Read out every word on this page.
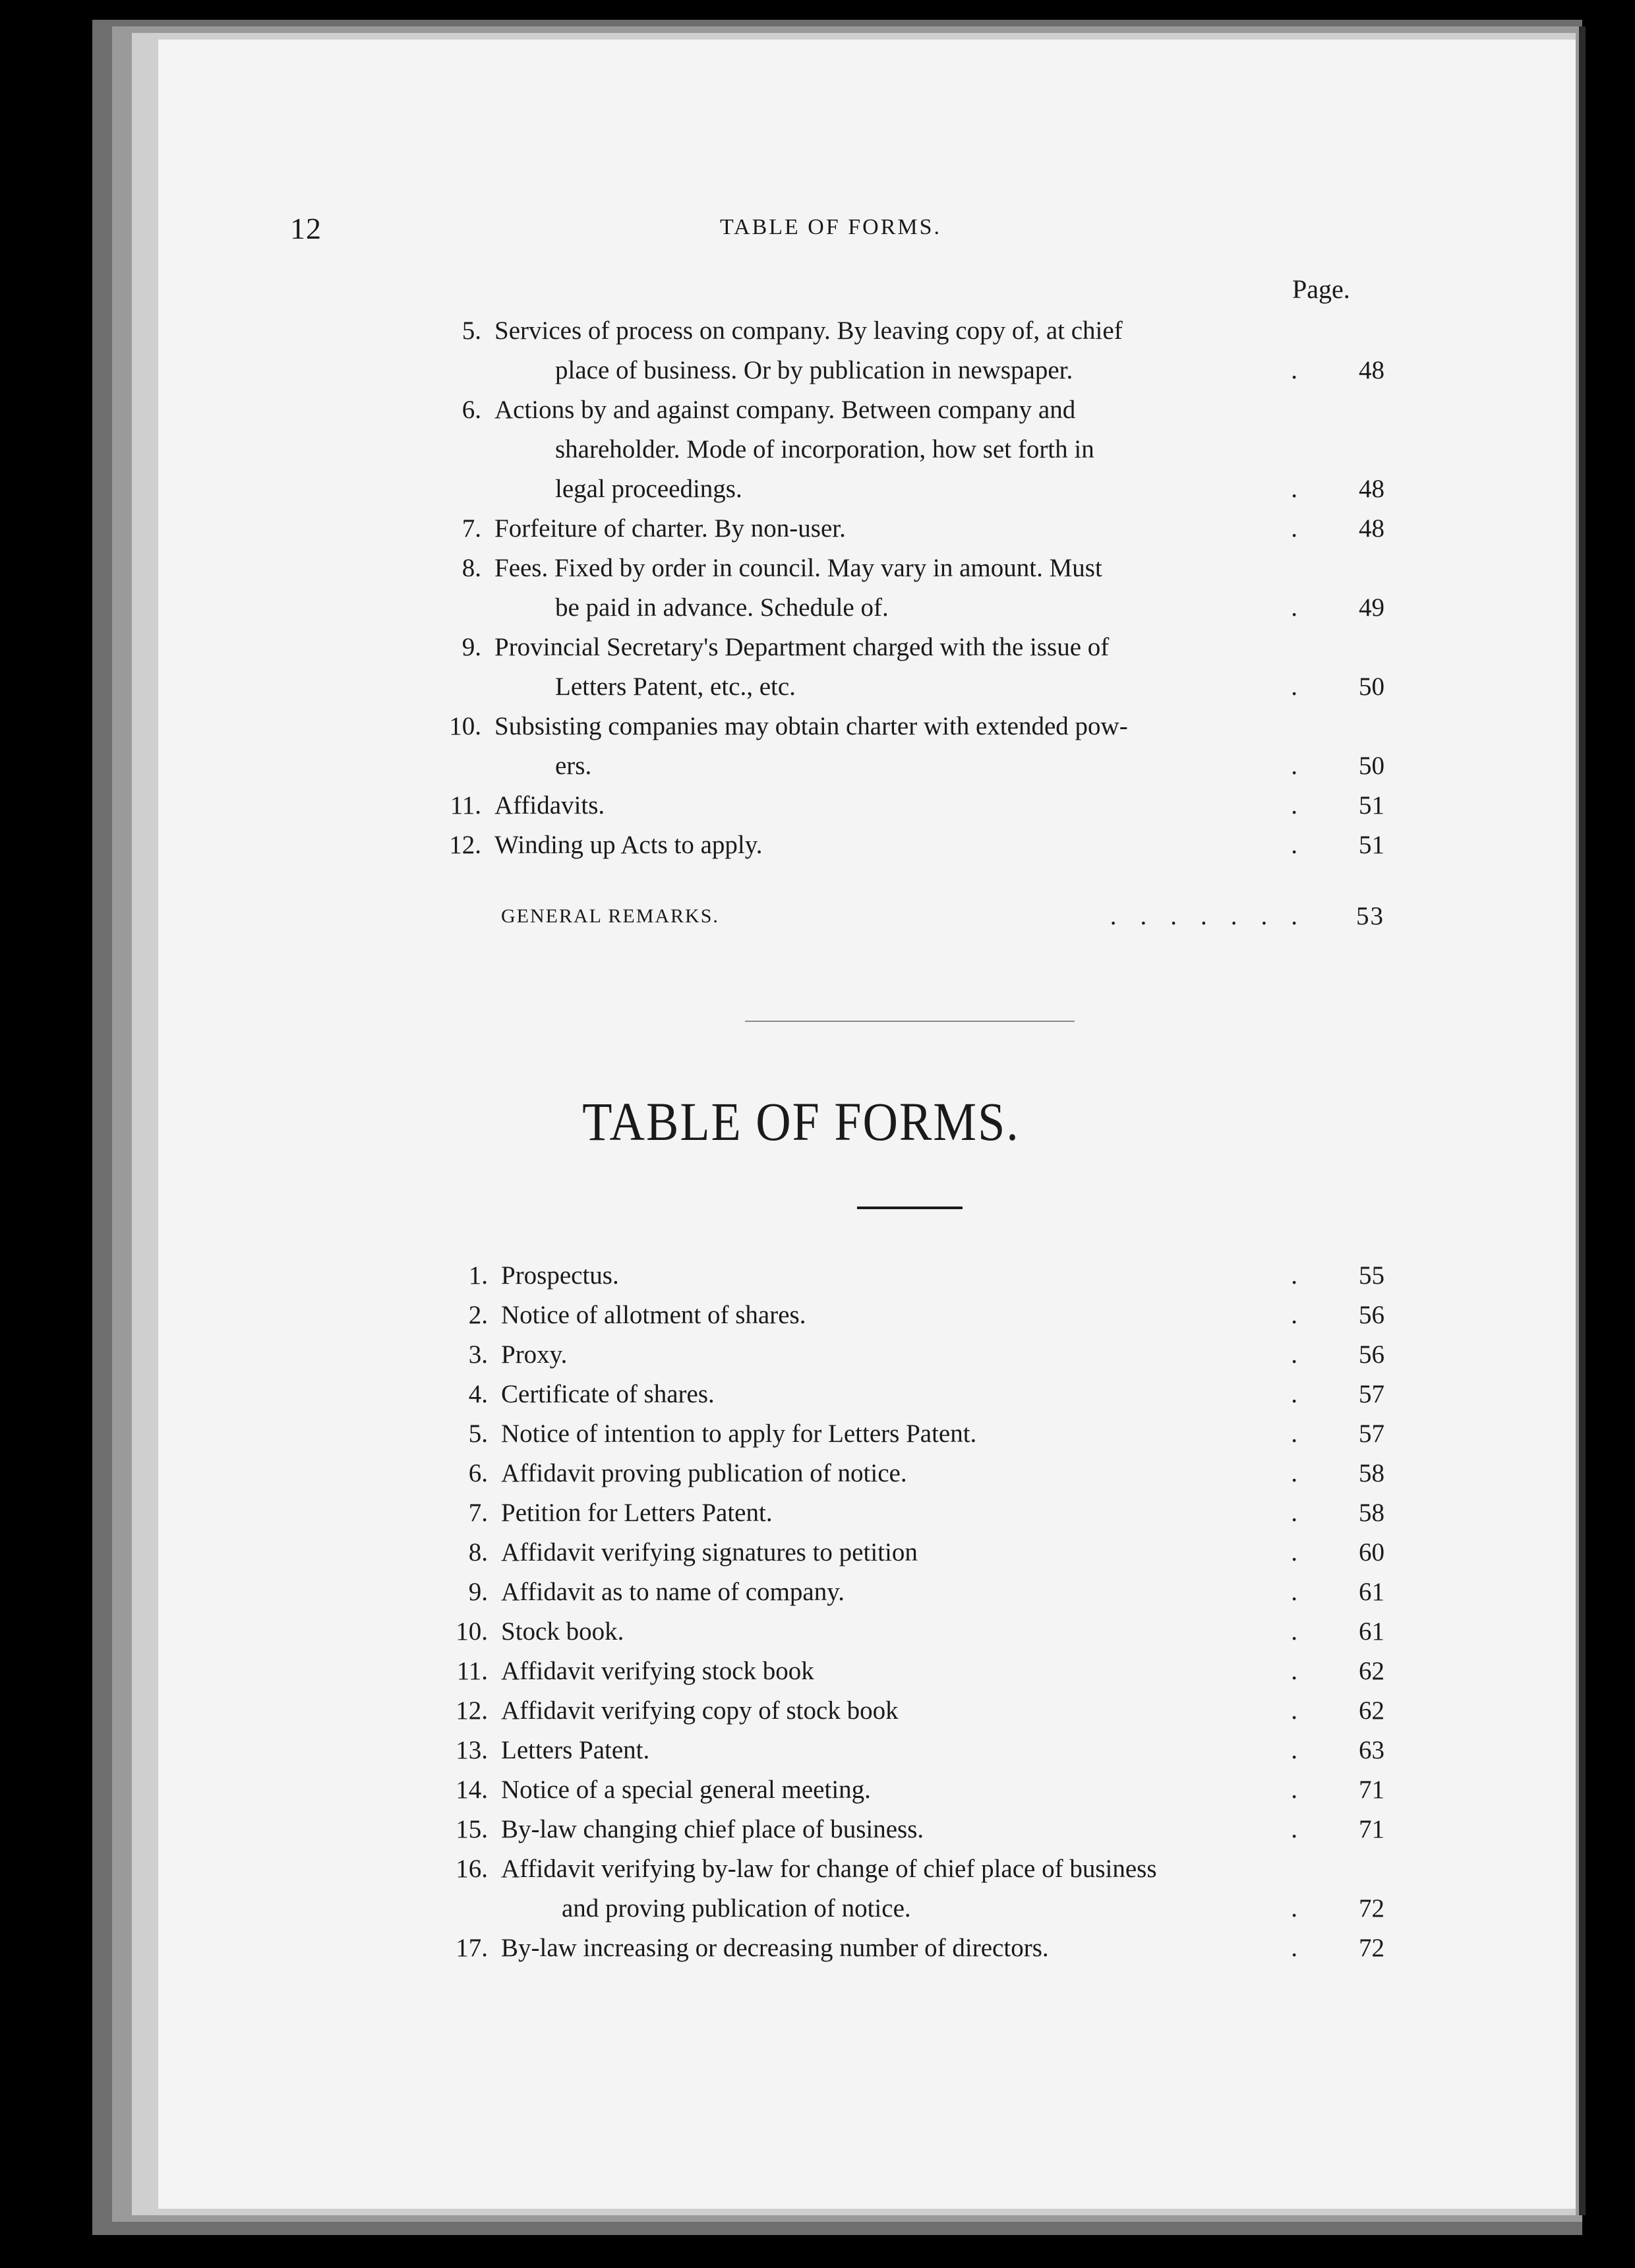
12	TABLE OF FORMS.
Page.
5. Services of process on company. By leaving copy of, at chief
place of business. Or by publication in newspaper.	48
.
6. Actions by and against company. Between company and
shareholder. Mode of incorporation, how set forth in
legal proceedings.	48
.
7. Forfeiture of charter. By non-user.	48
.
8. Fees. Fixed by order in council. May vary in amount. Must
be paid in advance. Schedule of.	49
.
9. Provincial Secretary's Department charged with the issue of
Letters Patent, etc., etc.	50
.
10. Subsisting companies may obtain charter with extended pow-
ers.	50
.
11. Affidavits.	51
.
12. Winding up Acts to apply.	51
.
GENERAL REMARKS.	.......	53
TABLE OF FORMS.
1. Prospectus.	55
.
2. Notice of allotment of shares.	56
.
3. Proxy.	56
.
4. Certificate of shares.	57
.
5. Notice of intention to apply for Letters Patent.	57
.
6. Affidavit proving publication of notice.	58
.
7. Petition for Letters Patent.	58
.
8. Affidavit verifying signatures to petition	60
.
9. Affidavit as to name of company.	61
.
10. Stock book.	61
.
11. Affidavit verifying stock book	62
.
12. Affidavit verifying copy of stock book	62
.
13. Letters Patent.	63
.
14. Notice of a special general meeting.	71
.
15. By-law changing chief place of business.	71
.
16. Affidavit verifying by-law for change of chief place of business
and proving publication of notice.	72
.
17. By-law increasing or decreasing number of directors.	72
.
